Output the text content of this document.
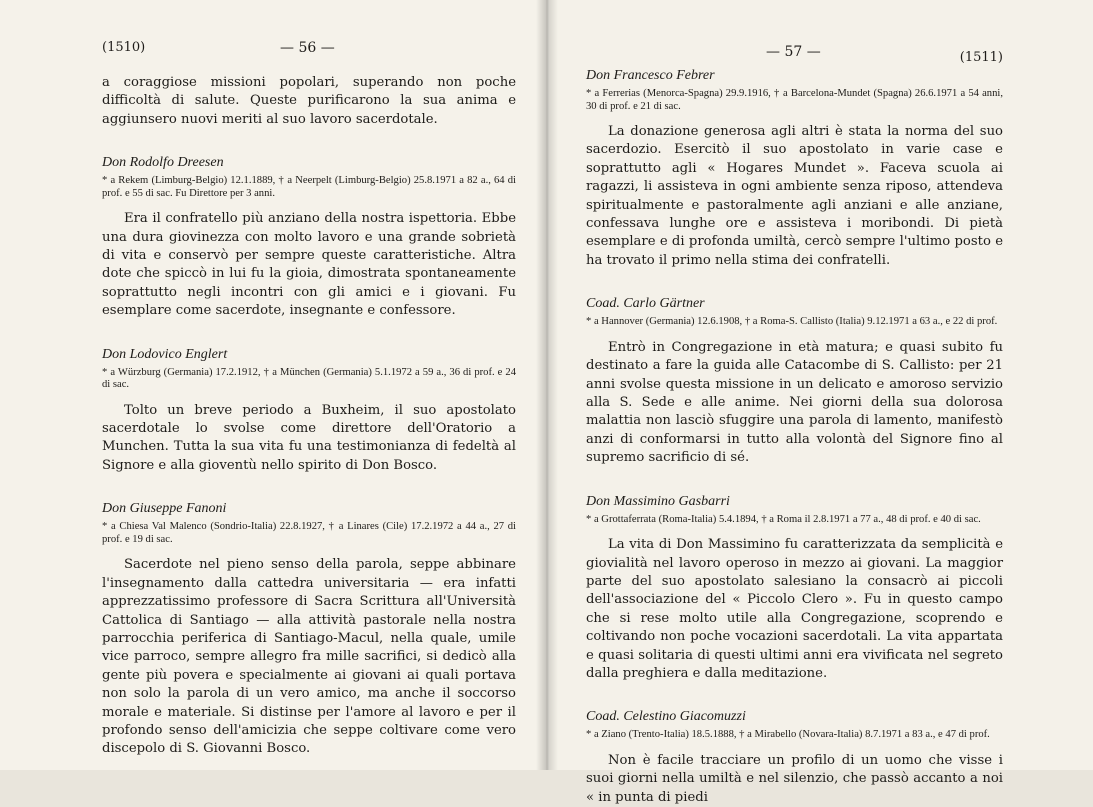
(1510)	— 56 —

a coraggiose missioni popolari, superando non poche difficoltà di salute. Queste purificarono la sua anima e aggiunsero nuovi meriti al suo lavoro sacerdotale.

Don Rodolfo Dreesen
* a Rekem (Limburg-Belgio) 12.1.1889, † a Neerpelt (Limburg-Belgio) 25.8.1971 a 82 a., 64 di prof. e 55 di sac. Fu Direttore per 3 anni.

Era il confratello più anziano della nostra ispettoria. Ebbe una dura giovinezza con molto lavoro e una grande sobrietà di vita e conservò per sempre queste caratteristiche. Altra dote che spiccò in lui fu la gioia, dimostrata spontaneamente soprattutto negli incontri con gli amici e i giovani. Fu esemplare come sacerdote, insegnante e confessore.

Don Lodovico Englert
* a Würzburg (Germania) 17.2.1912, † a München (Germania) 5.1.1972 a 59 a., 36 di prof. e 24 di sac.

Tolto un breve periodo a Buxheim, il suo apostolato sacerdotale lo svolse come direttore dell'Oratorio a Munchen. Tutta la sua vita fu una testimonianza di fedeltà al Signore e alla gioventù nello spirito di Don Bosco.

Don Giuseppe Fanoni
* a Chiesa Val Malenco (Sondrio-Italia) 22.8.1927, † a Linares (Cile) 17.2.1972 a 44 a., 27 di prof. e 19 di sac.

Sacerdote nel pieno senso della parola, seppe abbinare l'insegnamento dalla cattedra universitaria — era infatti apprezzatissimo professore di Sacra Scrittura all'Università Cattolica di Santiago — alla attività pastorale nella nostra parrocchia periferica di Santiago-Macul, nella quale, umile vice parroco, sempre allegro fra mille sacrifici, si dedicò alla gente più povera e specialmente ai giovani ai quali portava non solo la parola di un vero amico, ma anche il soccorso morale e materiale. Si distinse per l'amore al lavoro e per il profondo senso dell'amicizia che seppe coltivare come vero discepolo di S. Giovanni Bosco.

— 57 —	(1511)
Don Francesco Febrer
* a Ferrerias (Menorca-Spagna) 29.9.1916, † a Barcelona-Mundet (Spagna) 26.6.1971 a 54 anni, 30 di prof. e 21 di sac.

La donazione generosa agli altri è stata la norma del suo sacerdozio. Esercitò il suo apostolato in varie case e soprattutto agli « Hogares Mundet ». Faceva scuola ai ragazzi, li assisteva in ogni ambiente senza riposo, attendeva spiritualmente e pastoralmente agli anziani e alle anziane, confessava lunghe ore e assisteva i moribondi. Di pietà esemplare e di profonda umiltà, cercò sempre l'ultimo posto e ha trovato il primo nella stima dei confratelli.

Coad. Carlo Gärtner
* a Hannover (Germania) 12.6.1908, † a Roma-S. Callisto (Italia) 9.12.1971 a 63 a., e 22 di prof.

Entrò in Congregazione in età matura; e quasi subito fu destinato a fare la guida alle Catacombe di S. Callisto: per 21 anni svolse questa missione in un delicato e amoroso servizio alla S. Sede e alle anime. Nei giorni della sua dolorosa malattia non lasciò sfuggire una parola di lamento, manifestò anzi di conformarsi in tutto alla volontà del Signore fino al supremo sacrificio di sé.

Don Massimino Gasbarri
* a Grottaferrata (Roma-Italia) 5.4.1894, † a Roma il 2.8.1971 a 77 a., 48 di prof. e 40 di sac.

La vita di Don Massimino fu caratterizzata da semplicità e giovialità nel lavoro operoso in mezzo ai giovani. La maggior parte del suo apostolato salesiano la consacrò ai piccoli dell'associazione del « Piccolo Clero ». Fu in questo campo che si rese molto utile alla Congregazione, scoprendo e coltivando non poche vocazioni sacerdotali. La vita appartata e quasi solitaria di questi ultimi anni era vivificata nel segreto dalla preghiera e dalla meditazione.

Coad. Celestino Giacomuzzi
* a Ziano (Trento-Italia) 18.5.1888, † a Mirabello (Novara-Italia) 8.7.1971 a 83 a., e 47 di prof.

Non è facile tracciare un profilo di un uomo che visse i suoi giorni nella umiltà e nel silenzio, che passò accanto a noi « in punta di piedi
